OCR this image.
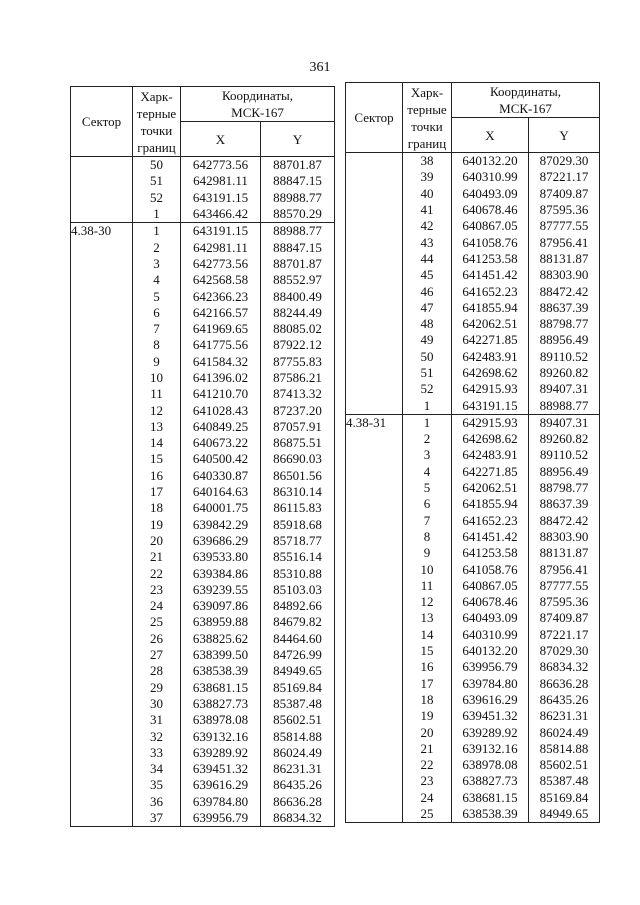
361
Сектор	Харк-
терные
точки
границ	Координаты,
МСК-167	
		X	Y
	50	642773.56	88701.87
	51	642981.11	88847.15
	52	643191.15	88988.77
	1	643466.42	88570.29
4.38-30	1	643191.15	88988.77
	2	642981.11	88847.15
	3	642773.56	88701.87
	4	642568.58	88552.97
	5	642366.23	88400.49
	6	642166.57	88244.49
	7	641969.65	88085.02
	8	641775.56	87922.12
	9	641584.32	87755.83
	10	641396.02	87586.21
	11	641210.70	87413.32
	12	641028.43	87237.20
	13	640849.25	87057.91
	14	640673.22	86875.51
	15	640500.42	86690.03
	16	640330.87	86501.56
	17	640164.63	86310.14
	18	640001.75	86115.83
	19	639842.29	85918.68
	20	639686.29	85718.77
	21	639533.80	85516.14
	22	639384.86	85310.88
	23	639239.55	85103.03
	24	639097.86	84892.66
	25	638959.88	84679.82
	26	638825.62	84464.60
	27	638399.50	84726.99
	28	638538.39	84949.65
	29	638681.15	85169.84
	30	638827.73	85387.48
	31	638978.08	85602.51
	32	639132.16	85814.88
	33	639289.92	86024.49
	34	639451.32	86231.31
	35	639616.29	86435.26
	36	639784.80	86636.28
	37	639956.79	86834.32
Сектор	Харк-
терные
точки
границ	Координаты,
МСК-167	
		X	Y
	38	640132.20	87029.30
	39	640310.99	87221.17
	40	640493.09	87409.87
	41	640678.46	87595.36
	42	640867.05	87777.55
	43	641058.76	87956.41
	44	641253.58	88131.87
	45	641451.42	88303.90
	46	641652.23	88472.42
	47	641855.94	88637.39
	48	642062.51	88798.77
	49	642271.85	88956.49
	50	642483.91	89110.52
	51	642698.62	89260.82
	52	642915.93	89407.31
	1	643191.15	88988.77
4.38-31	1	642915.93	89407.31
	2	642698.62	89260.82
	3	642483.91	89110.52
	4	642271.85	88956.49
	5	642062.51	88798.77
	6	641855.94	88637.39
	7	641652.23	88472.42
	8	641451.42	88303.90
	9	641253.58	88131.87
	10	641058.76	87956.41
	11	640867.05	87777.55
	12	640678.46	87595.36
	13	640493.09	87409.87
	14	640310.99	87221.17
	15	640132.20	87029.30
	16	639956.79	86834.32
	17	639784.80	86636.28
	18	639616.29	86435.26
	19	639451.32	86231.31
	20	639289.92	86024.49
	21	639132.16	85814.88
	22	638978.08	85602.51
	23	638827.73	85387.48
	24	638681.15	85169.84
	25	638538.39	84949.65
